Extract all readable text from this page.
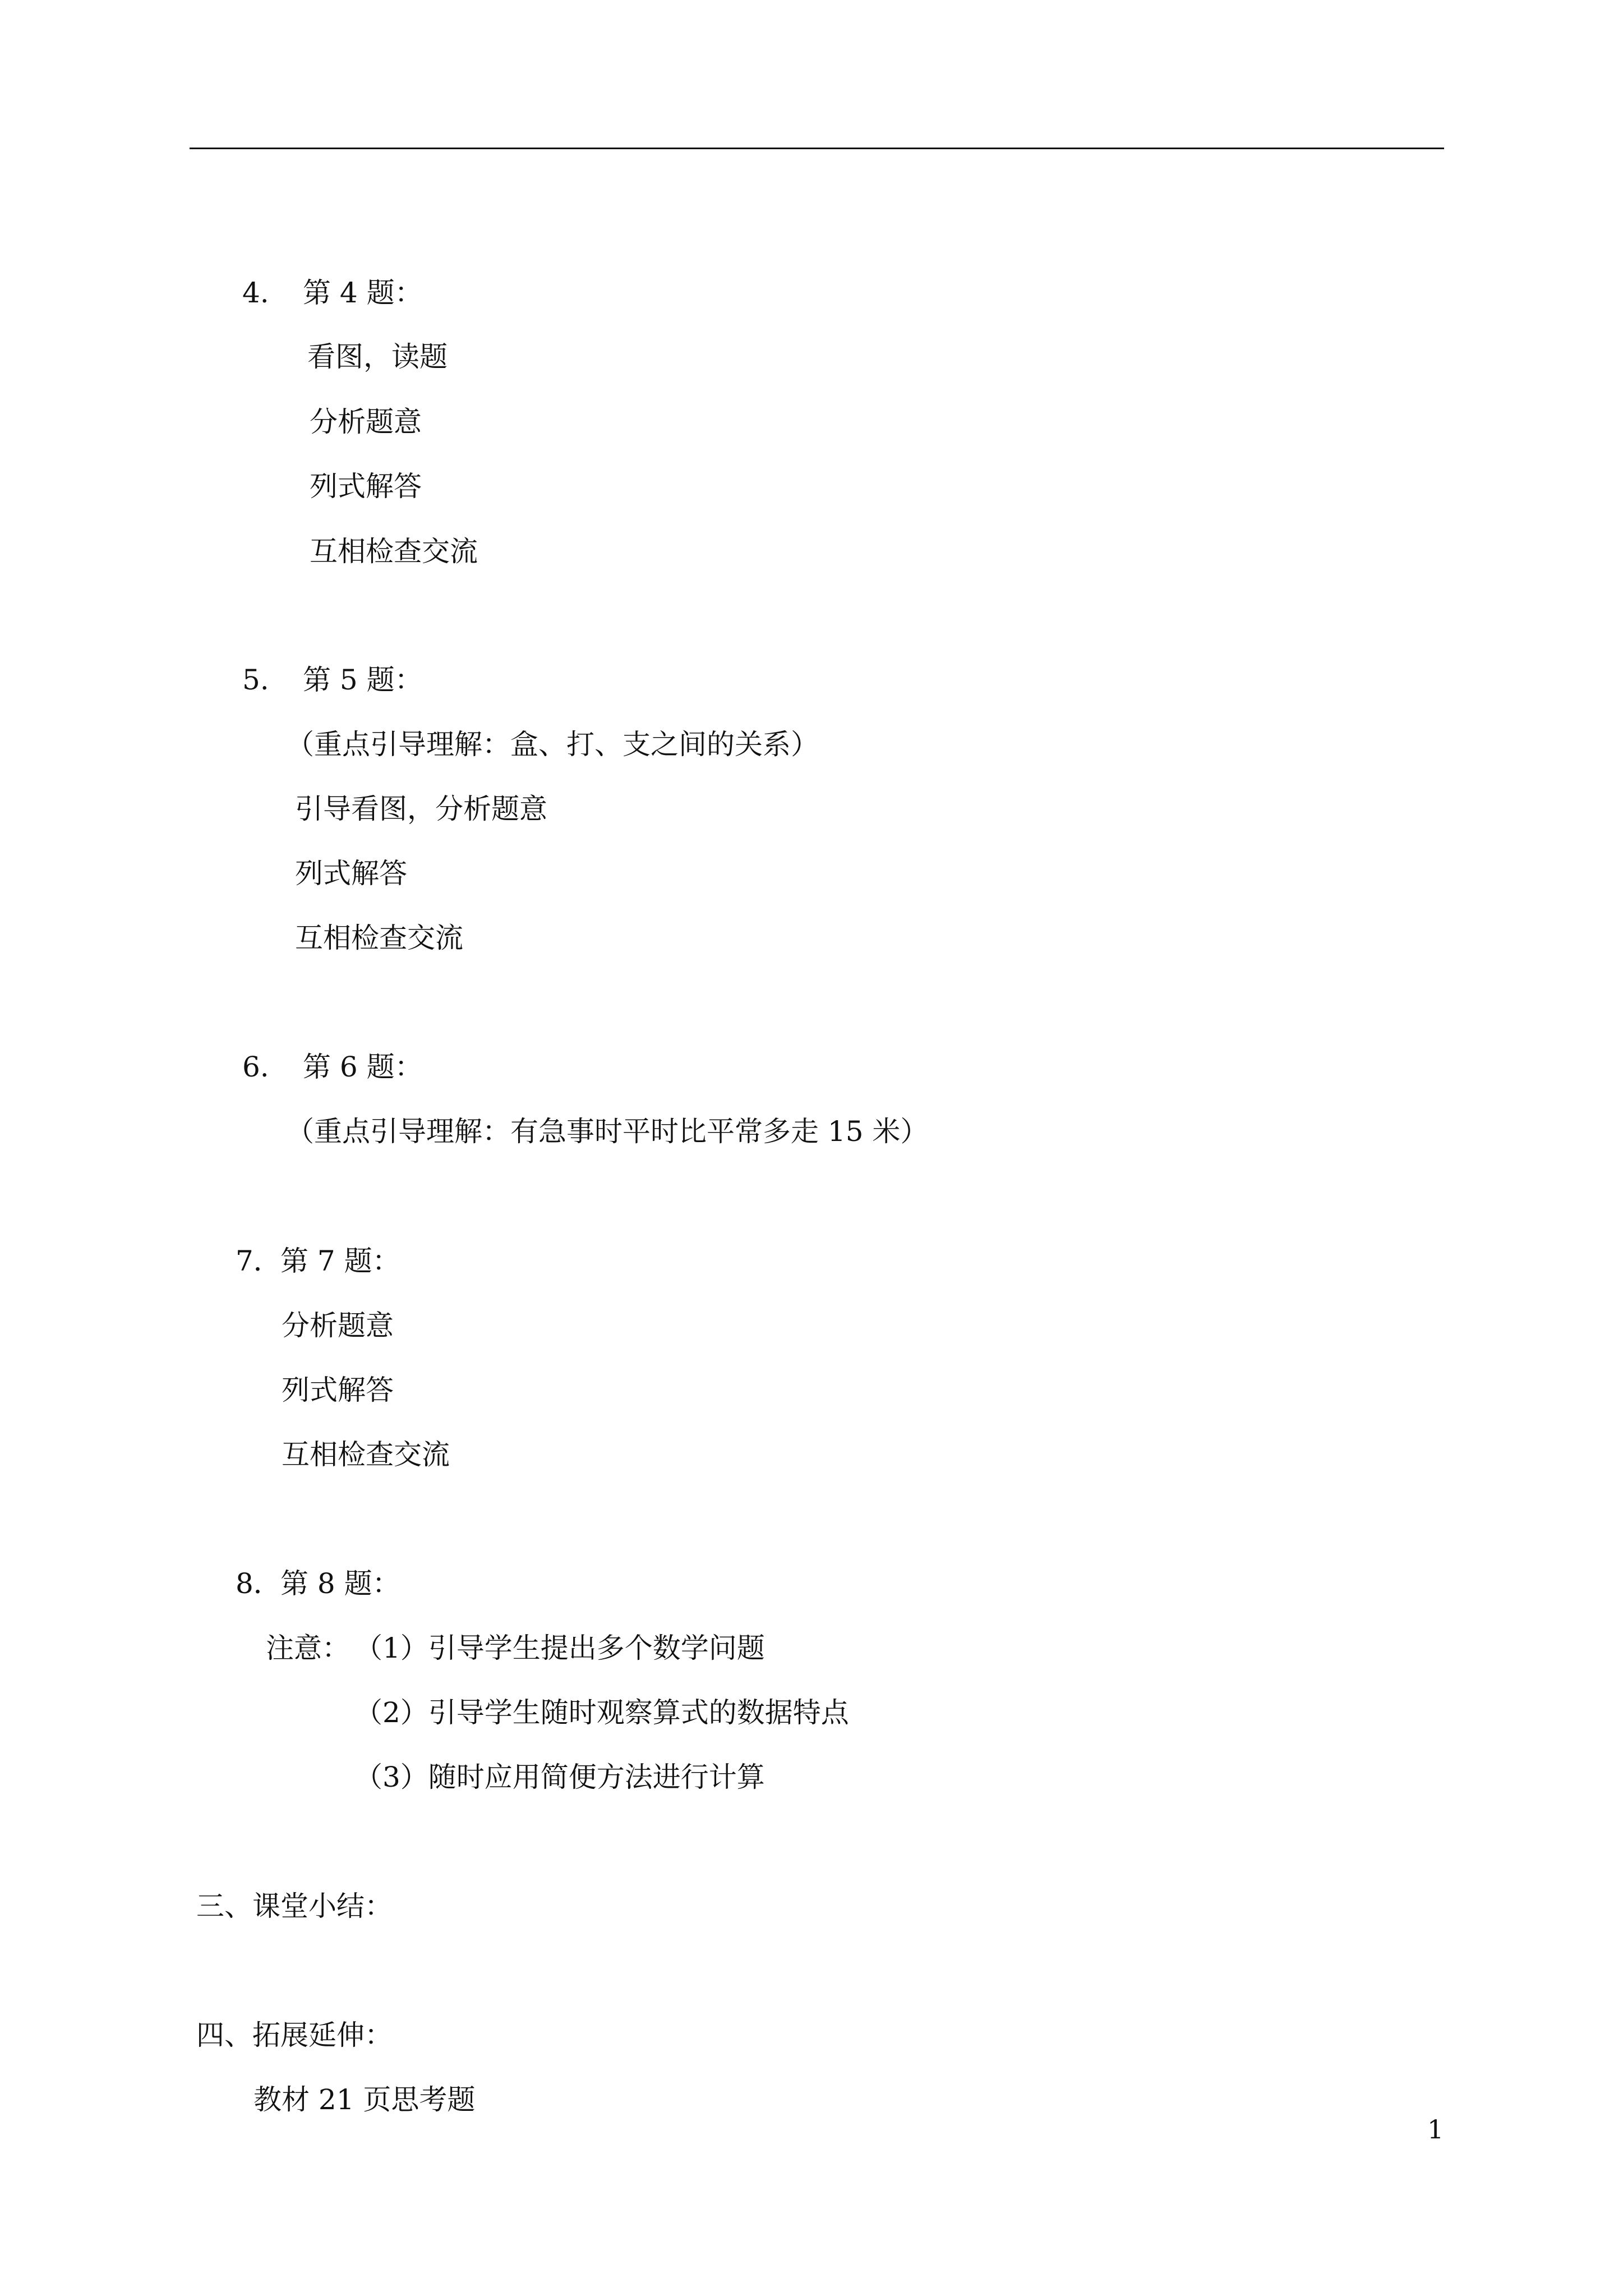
4. 第 4 题：
看图，读题
分析题意
列式解答
互相检查交流
5. 第 5 题：
（重点引导理解：盒、打、支之间的关系）
引导看图，分析题意
列式解答
互相检查交流
6. 第 6 题：
（重点引导理解：有急事时平时比平常多走 15 米）
7．
第 7 题：
分析题意
列式解答
互相检查交流
8．
第 8 题：
注意： （1）引导学生提出多个数学问题
（2）引导学生随时观察算式的数据特点
（3）随时应用简便方法进行计算
三、课堂小结：
四、拓展延伸：
教材 21 页思考题
1
